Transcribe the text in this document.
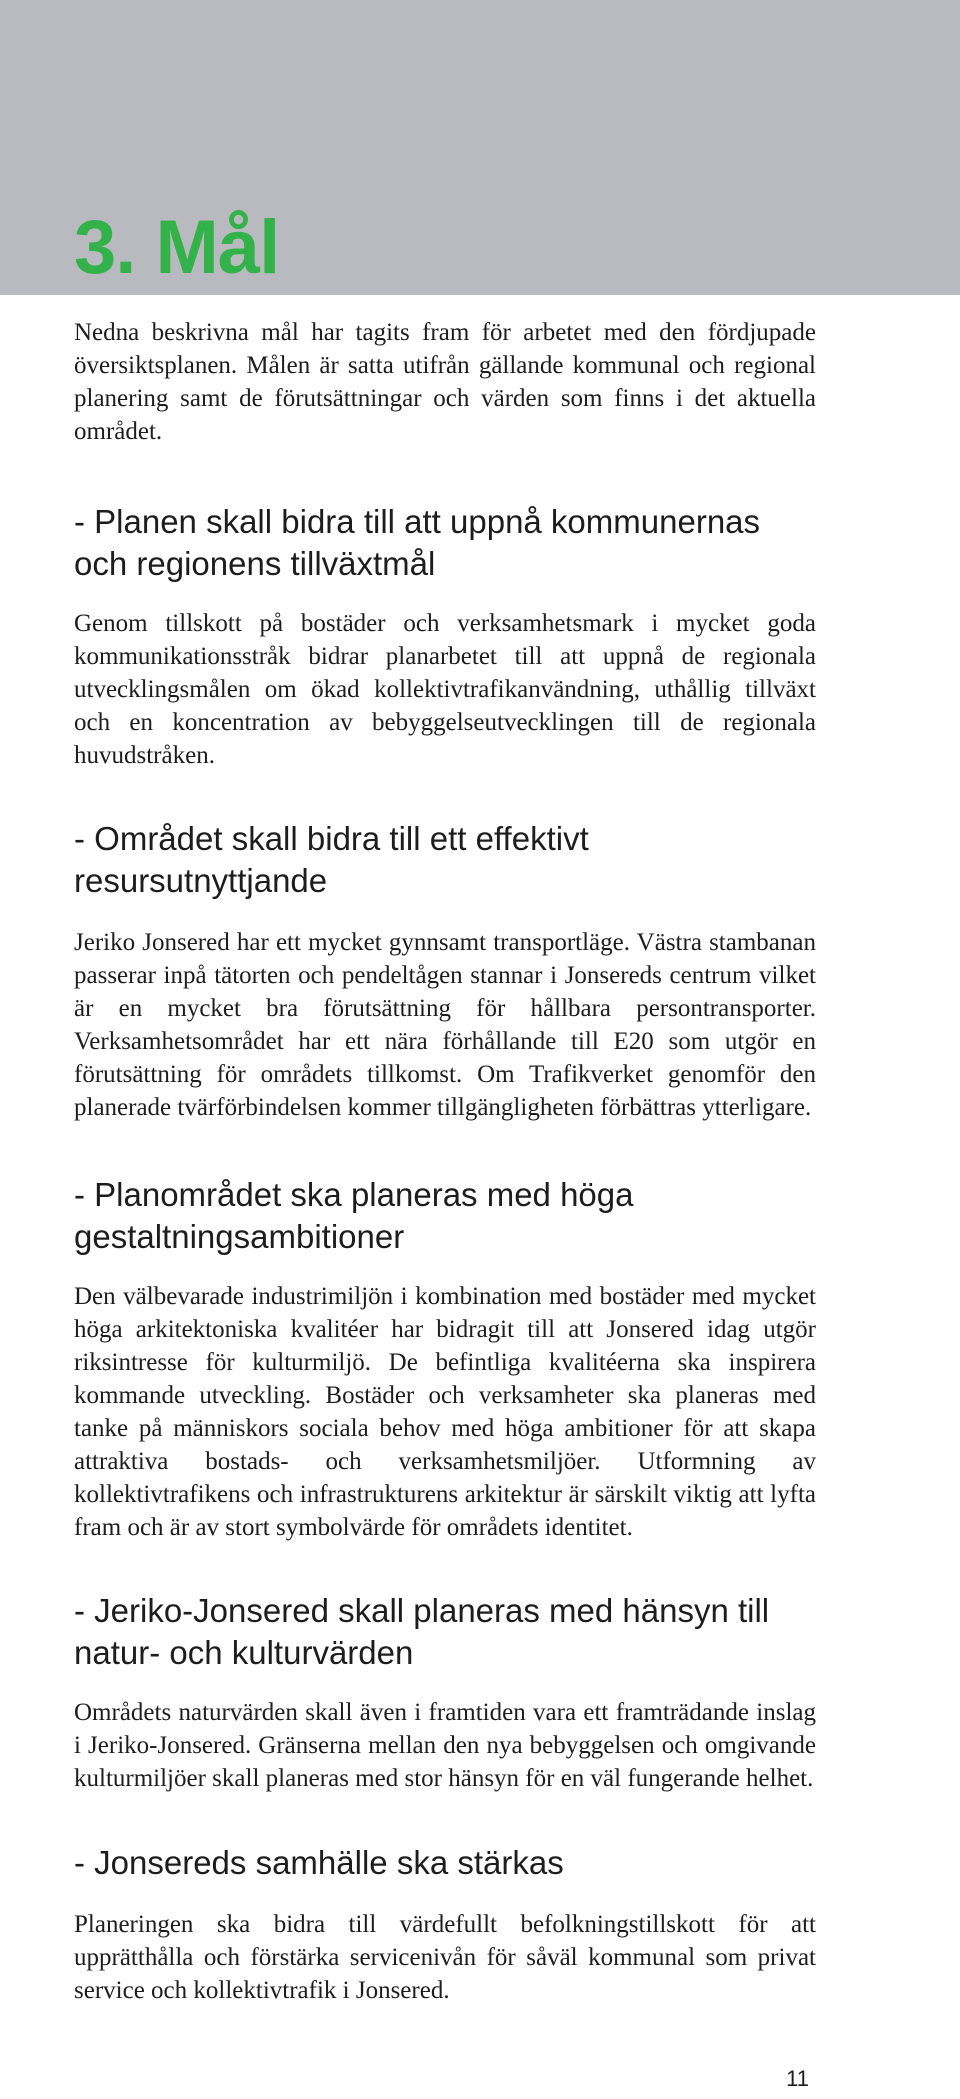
3. Mål

Nedna beskrivna mål har tagits fram för arbetet med den fördjupade översiktsplanen. Målen är satta utifrån gällande kommunal och regional planering samt de förutsättningar och värden som finns i det aktuella området.

- Planen skall bidra till att uppnå kommunernas och regionens tillväxtmål

Genom tillskott på bostäder och verksamhetsmark i mycket goda kommunikationsstråk bidrar planarbetet till att uppnå de regionala utvecklingsmålen om ökad kollektivtrafikanvändning, uthållig tillväxt och en koncentration av bebyggelseutvecklingen till de regionala huvudstråken.

- Området skall bidra till ett effektivt resursutnyttjande

Jeriko Jonsered har ett mycket gynnsamt transportläge. Västra stambanan passerar inpå tätorten och pendeltågen stannar i Jonsereds centrum vilket är en mycket bra förutsättning för hållbara persontransporter. Verksamhetsområdet har ett nära förhållande till E20 som utgör en förutsättning för områdets tillkomst. Om Trafikverket genomför den planerade tvärförbindelsen kommer tillgängligheten förbättras ytterligare.

- Planområdet ska planeras med höga gestaltningsambitioner

Den välbevarade industrimiljön i kombination med bostäder med mycket höga arkitektoniska kvalitéer har bidragit till att Jonsered idag utgör riksintresse för kulturmiljö. De befintliga kvalitéerna ska inspirera kommande utveckling. Bostäder och verksamheter ska planeras med tanke på människors sociala behov med höga ambitioner för att skapa attraktiva bostads- och verksamhetsmiljöer. Utformning av kollektivtrafikens och infrastrukturens arkitektur är särskilt viktig att lyfta fram och är av stort symbolvärde för områdets identitet.

- Jeriko-Jonsered skall planeras med hänsyn till natur- och kulturvärden

Områdets naturvärden skall även i framtiden vara ett framträdande inslag i Jeriko-Jonsered. Gränserna mellan den nya bebyggelsen och omgivande kulturmiljöer skall planeras med stor hänsyn för en väl fungerande helhet.

- Jonsereds samhälle ska stärkas

Planeringen ska bidra till värdefullt befolkningstillskott för att upprätthålla och förstärka servicenivån för såväl kommunal som privat service och kollektivtrafik i Jonsered.

11
